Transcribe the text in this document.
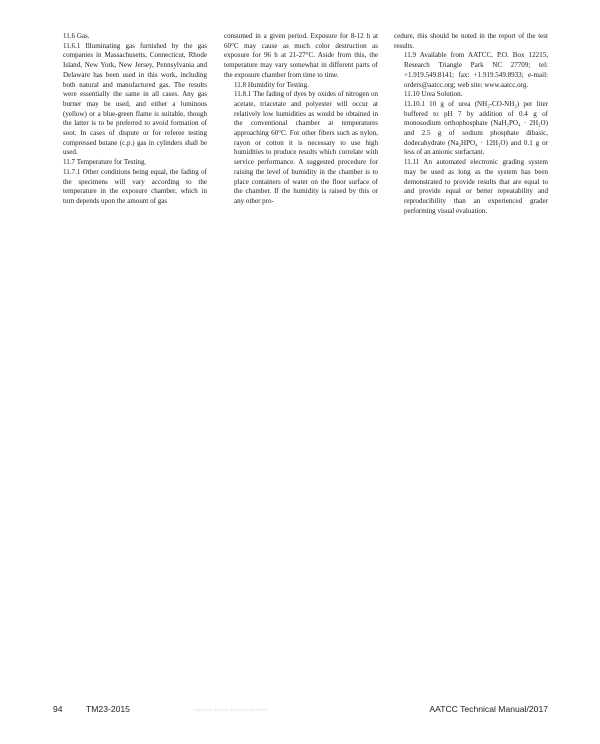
11.6 Gas.

11.6.1 Illuminating gas furnished by the gas companies in Massachusetts, Connecticut, Rhode Island, New York, New Jersey, Pennsylvania and Delaware has been used in this work, including both natural and manufactured gas. The results were essentially the same in all cases. Any gas burner may be used, and either a luminous (yellow) or a blue-green flame is suitable, though the latter is to be preferred to avoid formation of soot. In cases of dispute or for referee testing compressed butane (c.p.) gas in cylinders shall be used.

11.7 Temperature for Testing.

11.7.1 Other conditions being equal, the fading of the specimens will vary according to the temperature in the exposure chamber, which in turn depends upon the amount of gas

consumed in a given period. Exposure for 8-12 h at 60°C may cause as much color destruction as exposure for 96 h at 21-27°C. Aside from this, the temperature may vary somewhat in different parts of the exposure chamber from time to time.

11.8 Humidity for Testing.

11.8.1 The fading of dyes by oxides of nitrogen on acetate, triacetate and polyester will occur at relatively low humidities as would be obtained in the conventional chamber at temperatures approaching 60°C. For other fibers such as nylon, rayon or cotton it is necessary to use high humidities to produce results which correlate with service performance. A suggested procedure for raising the level of humidity in the chamber is to place containers of water on the floor surface of the chamber. If the humidity is raised by this or any other pro-

cedure, this should be noted in the report of the test results.

11.9 Available from AATCC, P.O. Box 12215, Research Triangle Park NC 27709; tel: +1.919.549.8141; fax: +1.919.549.8933; e-mail: orders@aatcc.org; web site: www.aatcc.org.

11.10 Urea Solution.

11.10.1 10 g of urea (NH₂-CO-NH₂) per liter buffered to pH 7 by addition of 0.4 g of monosodium orthophosphate (NaH₂PO₄ · 2H₂O) and 2.5 g of sodium phosphate dibasic, dodecahydrate (Na₂HPO₄ · 12H₂O) and 0.1 g or less of an anionic surfactant.

11.11 An automated electronic grading system may be used as long as the system has been demonstrated to provide results that are equal to and provide equal or better repeatability and reproducibility than an experienced grader performing visual evaluation.

94	TM23-2015	Copyright AATCC all rights reserved	AATCC Technical Manual/2017
